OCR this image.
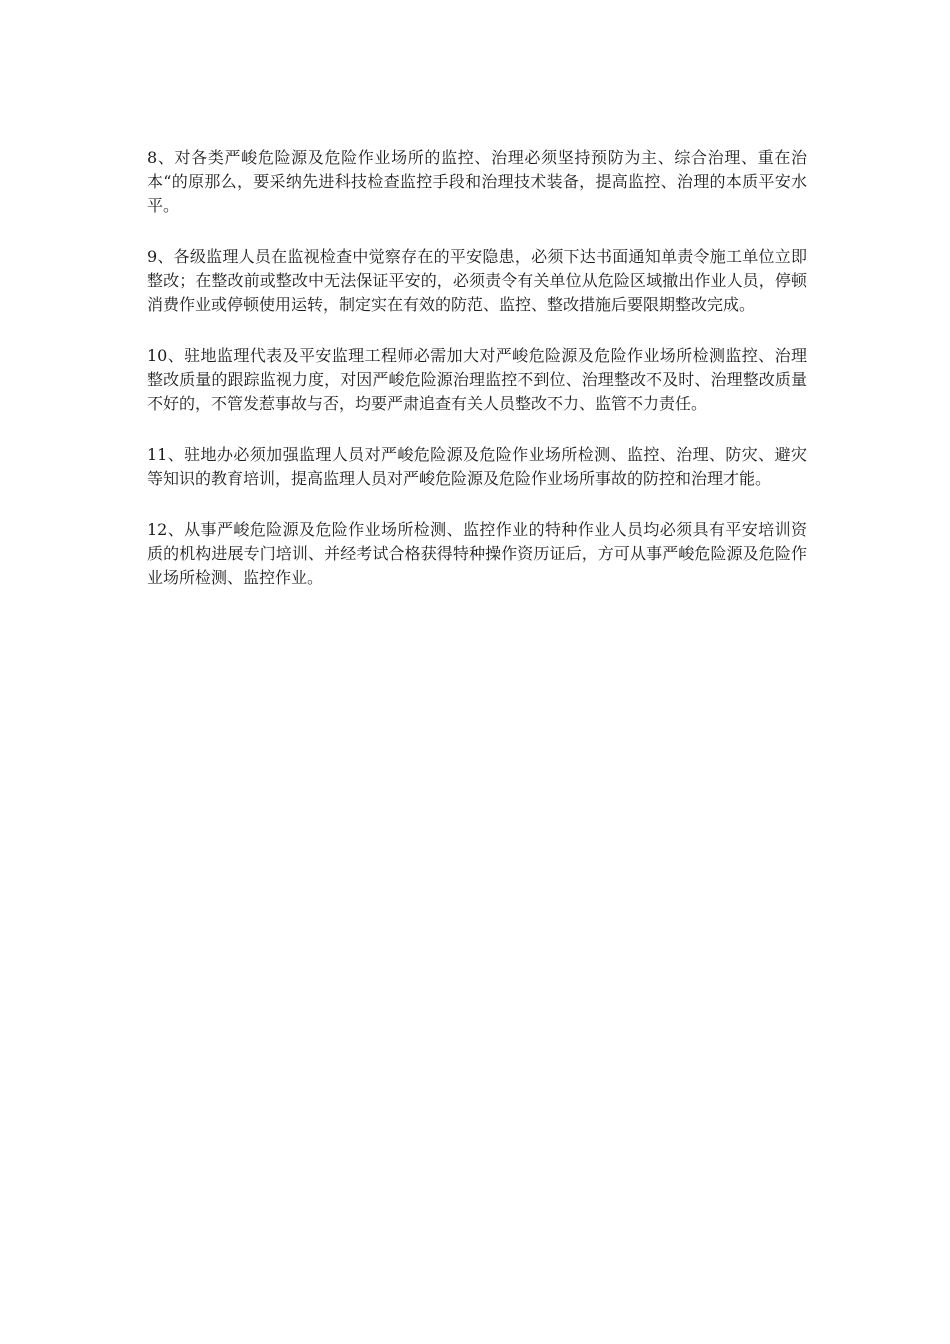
8、对各类严峻危险源及危险作业场所的监控、治理必须坚持预防为主、综合治理、重在治本“的原那么，要采纳先进科技检查监控手段和治理技术装备，提高监控、治理的本质平安水平。

9、各级监理人员在监视检查中觉察存在的平安隐患，必须下达书面通知单责令施工单位立即整改；在整改前或整改中无法保证平安的，必须责令有关单位从危险区域撤出作业人员，停顿消费作业或停顿使用运转，制定实在有效的防范、监控、整改措施后要限期整改完成。

10、驻地监理代表及平安监理工程师必需加大对严峻危险源及危险作业场所检测监控、治理整改质量的跟踪监视力度，对因严峻危险源治理监控不到位、治理整改不及时、治理整改质量不好的，不管发惹事故与否，均要严肃追查有关人员整改不力、监管不力责任。

11、驻地办必须加强监理人员对严峻危险源及危险作业场所检测、监控、治理、防灾、避灾等知识的教育培训，提高监理人员对严峻危险源及危险作业场所事故的防控和治理才能。

12、从事严峻危险源及危险作业场所检测、监控作业的特种作业人员均必须具有平安培训资质的机构进展专门培训、并经考试合格获得特种操作资历证后，方可从事严峻危险源及危险作业场所检测、监控作业。
